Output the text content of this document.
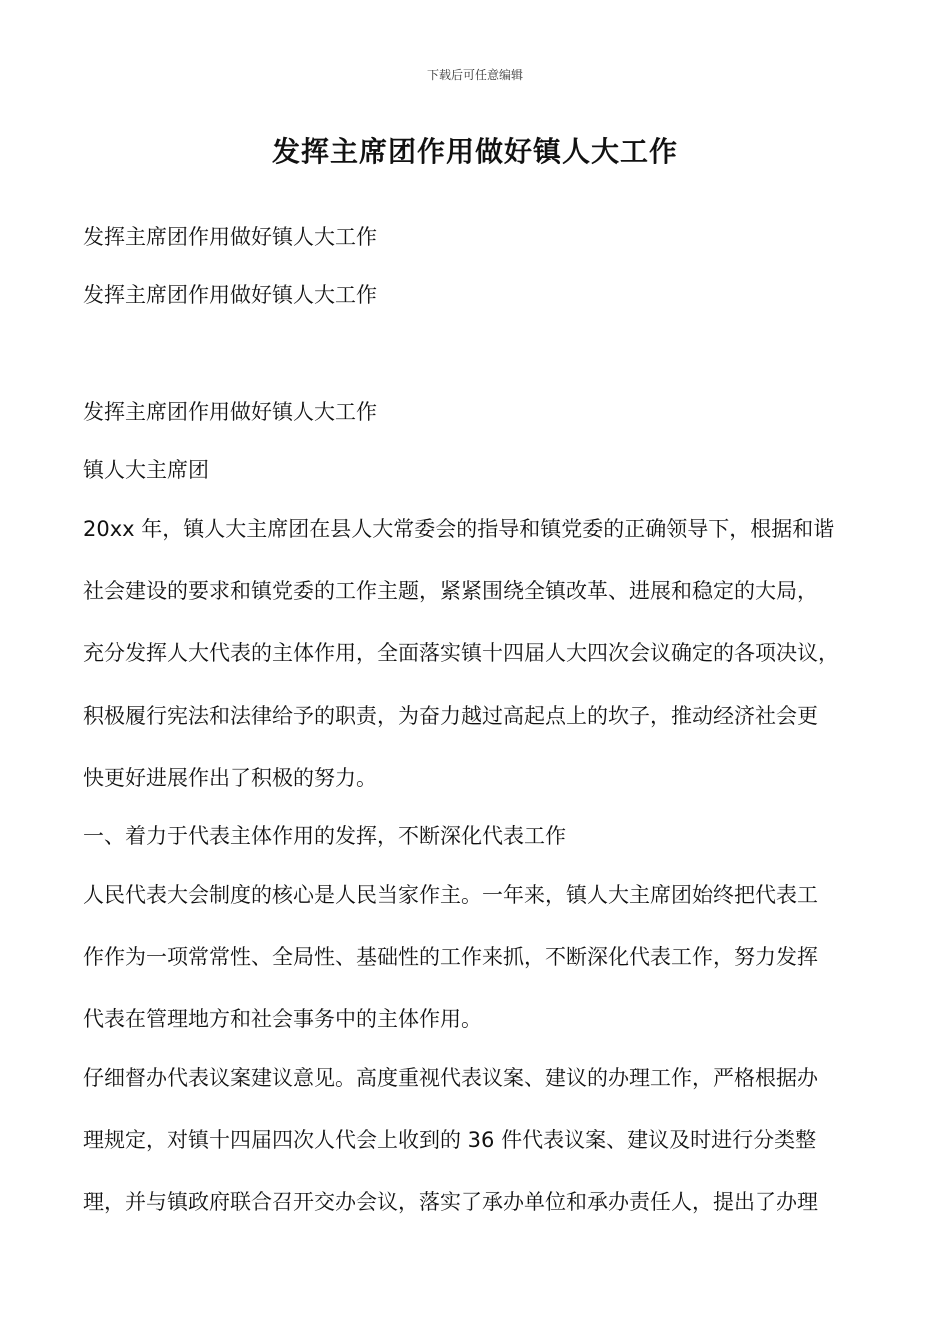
下载后可任意编辑
发挥主席团作用做好镇人大工作
发挥主席团作用做好镇人大工作
发挥主席团作用做好镇人大工作
发挥主席团作用做好镇人大工作
镇人大主席团
20xx 年，镇人大主席团在县人大常委会的指导和镇党委的正确领导下，根据和谐
社会建设的要求和镇党委的工作主题，紧紧围绕全镇改革、进展和稳定的大局，
充分发挥人大代表的主体作用，全面落实镇十四届人大四次会议确定的各项决议，
积极履行宪法和法律给予的职责，为奋力越过高起点上的坎子，推动经济社会更
快更好进展作出了积极的努力。
一、着力于代表主体作用的发挥，不断深化代表工作
人民代表大会制度的核心是人民当家作主。一年来，镇人大主席团始终把代表工
作作为一项常常性、全局性、基础性的工作来抓，不断深化代表工作，努力发挥
代表在管理地方和社会事务中的主体作用。
仔细督办代表议案建议意见。高度重视代表议案、建议的办理工作，严格根据办
理规定，对镇十四届四次人代会上收到的 36 件代表议案、建议及时进行分类整
理，并与镇政府联合召开交办会议，落实了承办单位和承办责任人，提出了办理
